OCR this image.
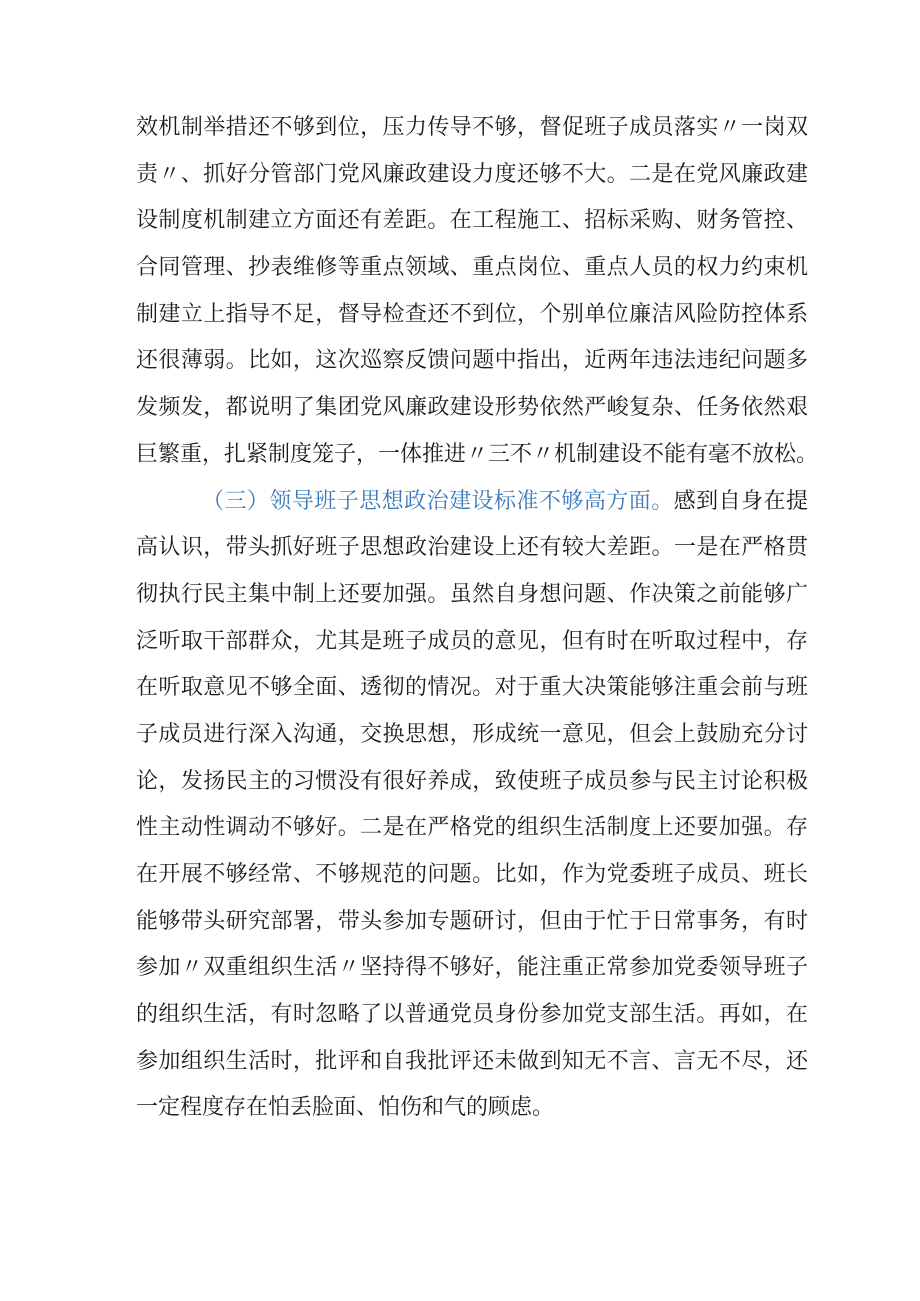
效机制举措还不够到位，压力传导不够，督促班子成员落实〃一岗双
责〃、抓好分管部门党风廉政建设力度还够不大。二是在党风廉政建
设制度机制建立方面还有差距。在工程施工、招标采购、财务管控、
合同管理、抄表维修等重点领域、重点岗位、重点人员的权力约束机
制建立上指导不足，督导检查还不到位，个别单位廉洁风险防控体系
还很薄弱。比如，这次巡察反馈问题中指出，近两年违法违纪问题多
发频发，都说明了集团党风廉政建设形势依然严峻复杂、任务依然艰
巨繁重，扎紧制度笼子，一体推进〃三不〃机制建设不能有毫不放松。
（三）领导班子思想政治建设标准不够高方面。感到自身在提
高认识，带头抓好班子思想政治建设上还有较大差距。一是在严格贯
彻执行民主集中制上还要加强。虽然自身想问题、作决策之前能够广
泛听取干部群众，尤其是班子成员的意见，但有时在听取过程中，存
在听取意见不够全面、透彻的情况。对于重大决策能够注重会前与班
子成员进行深入沟通，交换思想，形成统一意见，但会上鼓励充分讨
论，发扬民主的习惯没有很好养成，致使班子成员参与民主讨论积极
性主动性调动不够好。二是在严格党的组织生活制度上还要加强。存
在开展不够经常、不够规范的问题。比如，作为党委班子成员、班长
能够带头研究部署，带头参加专题研讨，但由于忙于日常事务，有时
参加〃双重组织生活〃坚持得不够好，能注重正常参加党委领导班子
的组织生活，有时忽略了以普通党员身份参加党支部生活。再如，在
参加组织生活时，批评和自我批评还未做到知无不言、言无不尽，还
一定程度存在怕丢脸面、怕伤和气的顾虑。
